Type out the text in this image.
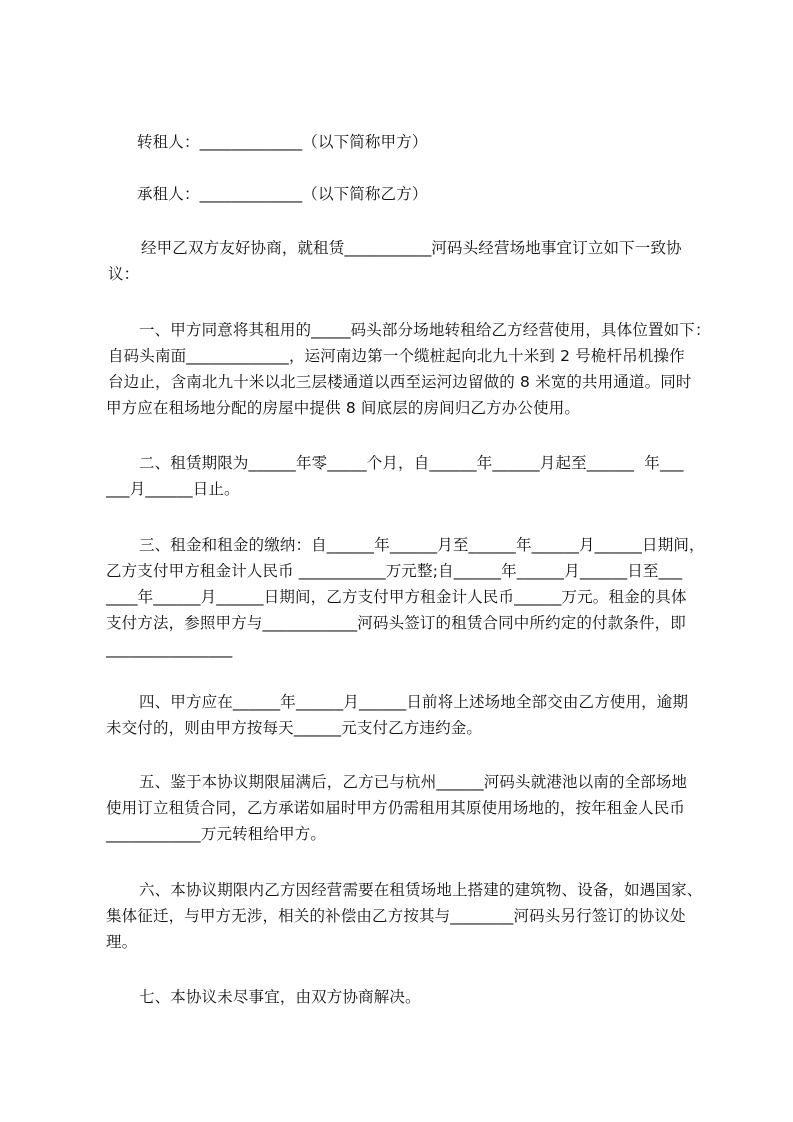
转租人：_____________（以下简称甲方）
承租人：_____________（以下简称乙方）
经甲乙双方友好协商，就租赁___________河码头经营场地事宜订立如下一致协
议：
一、甲方同意将其租用的_____码头部分场地转租给乙方经营使用，具体位置如下：
自码头南面_____________，运河南边第一个缆桩起向北九十米到 2 号桅杆吊机操作
台边止，含南北九十米以北三层楼通道以西至运河边留做的 8 米宽的共用通道。同时
甲方应在租场地分配的房屋中提供 8 间底层的房间归乙方办公使用。
二、租赁期限为______年零_____个月，自______年______月起至______  年___
___月______日止。
三、租金和租金的缴纳：自______年______月至______年______月______日期间，
乙方支付甲方租金计人民币 ___________万元整;自______年______月______日至___
____年______月______日期间，乙方支付甲方租金计人民币______万元。租金的具体
支付方法，参照甲方与____________河码头签订的租赁合同中所约定的付款条件，即
________________
四、甲方应在______年______月______日前将上述场地全部交由乙方使用，逾期
未交付的，则由甲方按每天______元支付乙方违约金。
五、鉴于本协议期限届满后，乙方已与杭州______河码头就港池以南的全部场地
使用订立租赁合同，乙方承诺如届时甲方仍需租用其原使用场地的，按年租金人民币
____________万元转租给甲方。
六、本协议期限内乙方因经营需要在租赁场地上搭建的建筑物、设备，如遇国家、
集体征迁，与甲方无涉，相关的补偿由乙方按其与________河码头另行签订的协议处
理。
七、本协议未尽事宜，由双方协商解决。
